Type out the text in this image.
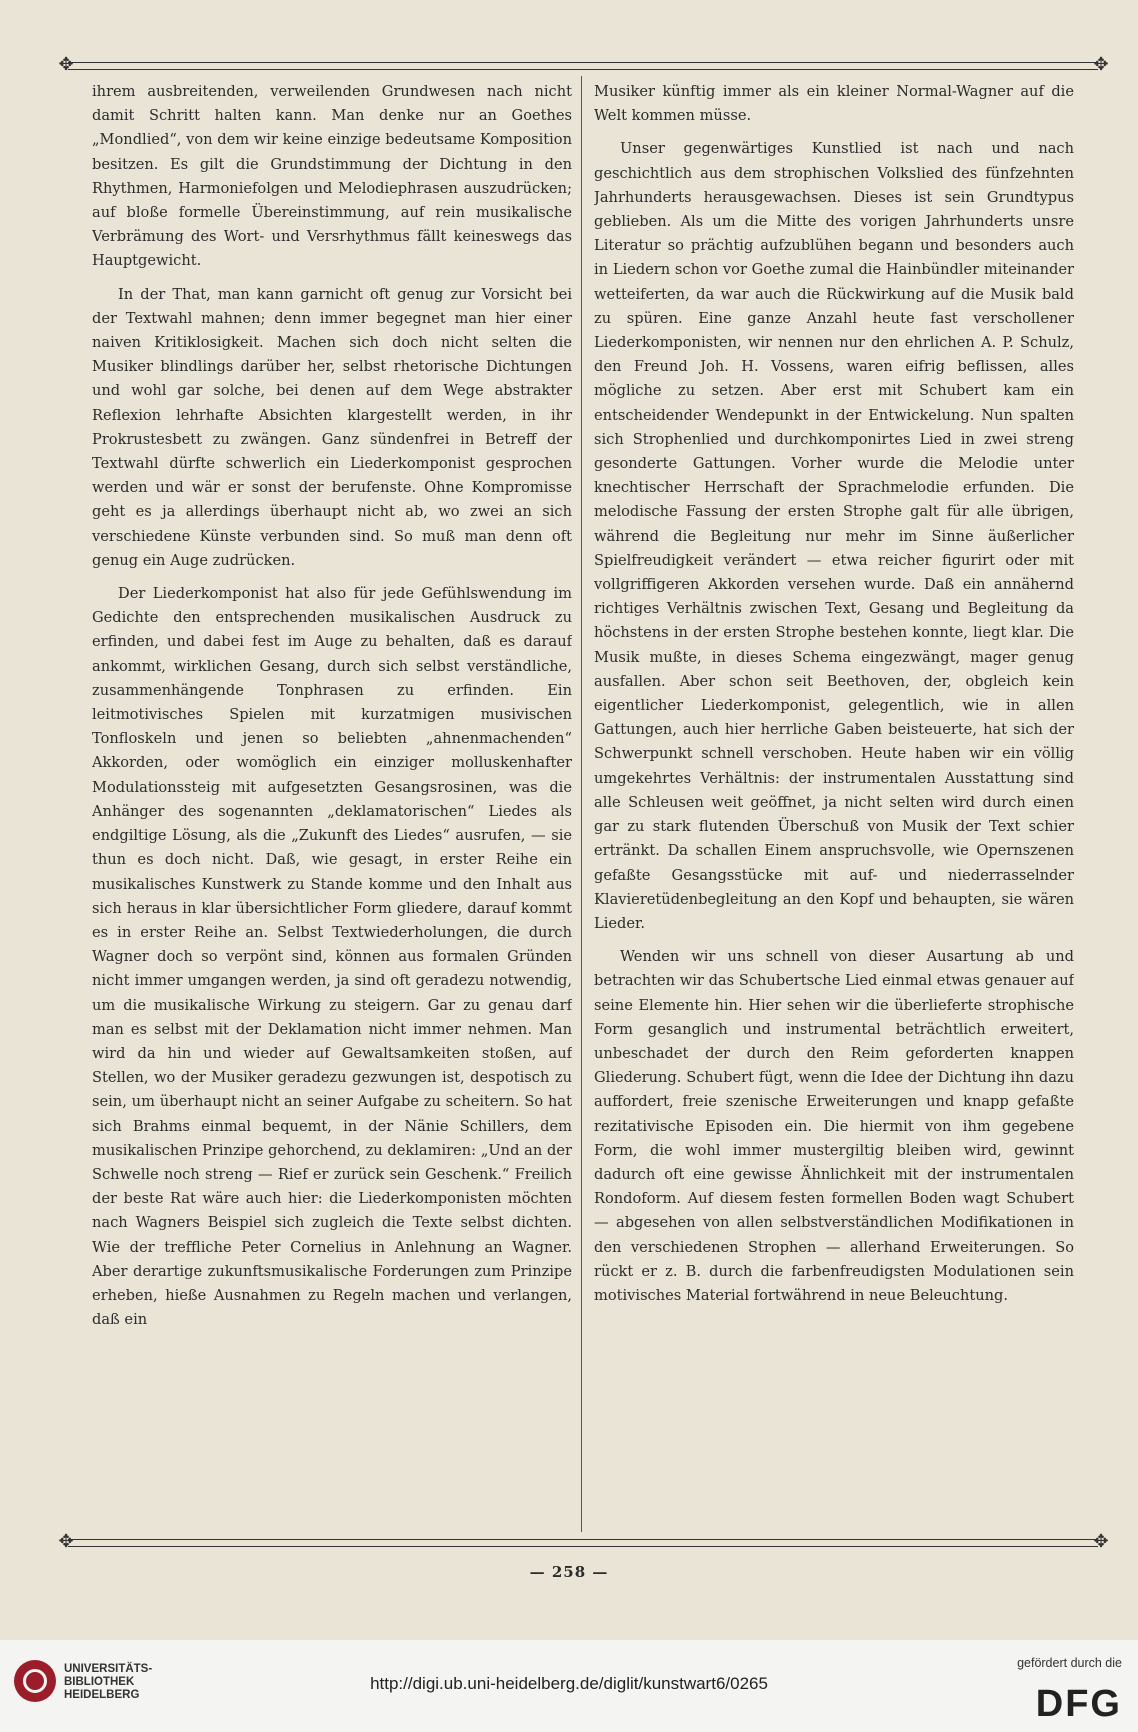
✥	✥

ihrem ausbreitenden, verweilenden Grundwesen nach nicht damit Schritt halten kann. Man denke nur an Goethes „Mondlied“, von dem wir keine einzige bedeutsame Komposition besitzen. Es gilt die Grundstimmung der Dichtung in den Rhythmen, Harmoniefolgen und Melodiephrasen auszudrücken; auf bloße formelle Übereinstimmung, auf rein musikalische Verbrämung des Wort- und Versrhythmus fällt keineswegs das Hauptgewicht.

In der That, man kann garnicht oft genug zur Vorsicht bei der Textwahl mahnen; denn immer begegnet man hier einer naiven Kritiklosigkeit. Machen sich doch nicht selten die Musiker blindlings darüber her, selbst rhetorische Dichtungen und wohl gar solche, bei denen auf dem Wege abstrakter Reflexion lehrhafte Absichten klargestellt werden, in ihr Prokrustesbett zu zwängen. Ganz sündenfrei in Betreff der Textwahl dürfte schwerlich ein Liederkomponist gesprochen werden und wär er sonst der berufenste. Ohne Kompromisse geht es ja allerdings überhaupt nicht ab, wo zwei an sich verschiedene Künste verbunden sind. So muß man denn oft genug ein Auge zudrücken.

Der Liederkomponist hat also für jede Gefühlswendung im Gedichte den entsprechenden musikalischen Ausdruck zu erfinden, und dabei fest im Auge zu behalten, daß es darauf ankommt, wirklichen Gesang, durch sich selbst verständliche, zusammenhängende Tonphrasen zu erfinden. Ein leitmotivisches Spielen mit kurzatmigen musivischen Tonfloskeln und jenen so beliebten „ahnenmachenden“ Akkorden, oder womöglich ein einziger molluskenhafter Modulationssteig mit aufgesetzten Gesangsrosinen, was die Anhänger des sogenannten „deklamatorischen“ Liedes als endgiltige Lösung, als die „Zukunft des Liedes“ ausrufen, — sie thun es doch nicht. Daß, wie gesagt, in erster Reihe ein musikalisches Kunstwerk zu Stande komme und den Inhalt aus sich heraus in klar übersichtlicher Form gliedere, darauf kommt es in erster Reihe an. Selbst Textwiederholungen, die durch Wagner doch so verpönt sind, können aus formalen Gründen nicht immer umgangen werden, ja sind oft geradezu notwendig, um die musikalische Wirkung zu steigern. Gar zu genau darf man es selbst mit der Deklamation nicht immer nehmen. Man wird da hin und wieder auf Gewaltsamkeiten stoßen, auf Stellen, wo der Musiker geradezu gezwungen ist, despotisch zu sein, um überhaupt nicht an seiner Aufgabe zu scheitern. So hat sich Brahms einmal bequemt, in der Nänie Schillers, dem musikalischen Prinzipe gehorchend, zu deklamiren: „Und an der Schwelle noch streng — Rief er zurück sein Geschenk.“ Freilich der beste Rat wäre auch hier: die Liederkomponisten möchten nach Wagners Beispiel sich zugleich die Texte selbst dichten. Wie der treffliche Peter Cornelius in Anlehnung an Wagner. Aber derartige zukunftsmusikalische Forderungen zum Prinzipe erheben, hieße Ausnahmen zu Regeln machen und verlangen, daß ein

Musiker künftig immer als ein kleiner Normal-Wagner auf die Welt kommen müsse.

Unser gegenwärtiges Kunstlied ist nach und nach geschichtlich aus dem strophischen Volkslied des fünfzehnten Jahrhunderts herausgewachsen. Dieses ist sein Grundtypus geblieben. Als um die Mitte des vorigen Jahrhunderts unsre Literatur so prächtig aufzublühen begann und besonders auch in Liedern schon vor Goethe zumal die Hainbündler miteinander wetteiferten, da war auch die Rückwirkung auf die Musik bald zu spüren. Eine ganze Anzahl heute fast verschollener Liederkomponisten, wir nennen nur den ehrlichen A. P. Schulz, den Freund Joh. H. Vossens, waren eifrig beflissen, alles mögliche zu setzen. Aber erst mit Schubert kam ein entscheidender Wendepunkt in der Entwickelung. Nun spalten sich Strophenlied und durchkomponirtes Lied in zwei streng gesonderte Gattungen. Vorher wurde die Melodie unter knechtischer Herrschaft der Sprachmelodie erfunden. Die melodische Fassung der ersten Strophe galt für alle übrigen, während die Begleitung nur mehr im Sinne äußerlicher Spielfreudigkeit verändert — etwa reicher figurirt oder mit vollgriffigeren Akkorden versehen wurde. Daß ein annähernd richtiges Verhältnis zwischen Text, Gesang und Begleitung da höchstens in der ersten Strophe bestehen konnte, liegt klar. Die Musik mußte, in dieses Schema eingezwängt, mager genug ausfallen. Aber schon seit Beethoven, der, obgleich kein eigentlicher Liederkomponist, gelegentlich, wie in allen Gattungen, auch hier herrliche Gaben beisteuerte, hat sich der Schwerpunkt schnell verschoben. Heute haben wir ein völlig umgekehrtes Verhältnis: der instrumentalen Ausstattung sind alle Schleusen weit geöffnet, ja nicht selten wird durch einen gar zu stark flutenden Überschuß von Musik der Text schier ertränkt. Da schallen Einem anspruchsvolle, wie Opernszenen gefaßte Gesangsstücke mit auf- und niederrasselnder Klavieretüdenbegleitung an den Kopf und behaupten, sie wären Lieder.

Wenden wir uns schnell von dieser Ausartung ab und betrachten wir das Schubertsche Lied einmal etwas genauer auf seine Elemente hin. Hier sehen wir die überlieferte strophische Form gesanglich und instrumental beträchtlich erweitert, unbeschadet der durch den Reim geforderten knappen Gliederung. Schubert fügt, wenn die Idee der Dichtung ihn dazu auffordert, freie szenische Erweiterungen und knapp gefaßte rezitativische Episoden ein. Die hiermit von ihm gegebene Form, die wohl immer mustergiltig bleiben wird, gewinnt dadurch oft eine gewisse Ähnlichkeit mit der instrumentalen Rondoform. Auf diesem festen formellen Boden wagt Schubert — abgesehen von allen selbstverständlichen Modifikationen in den verschiedenen Strophen — allerhand Erweiterungen. So rückt er z. B. durch die farbenfreudigsten Modulationen sein motivisches Material fortwährend in neue Beleuchtung.

✥	✥
— 258 —
UNIVERSITÄTS-
BIBLIOTHEK
HEIDELBERG
http://digi.ub.uni-heidelberg.de/diglit/kunstwart6/0265
gefördert durch die
DFG
